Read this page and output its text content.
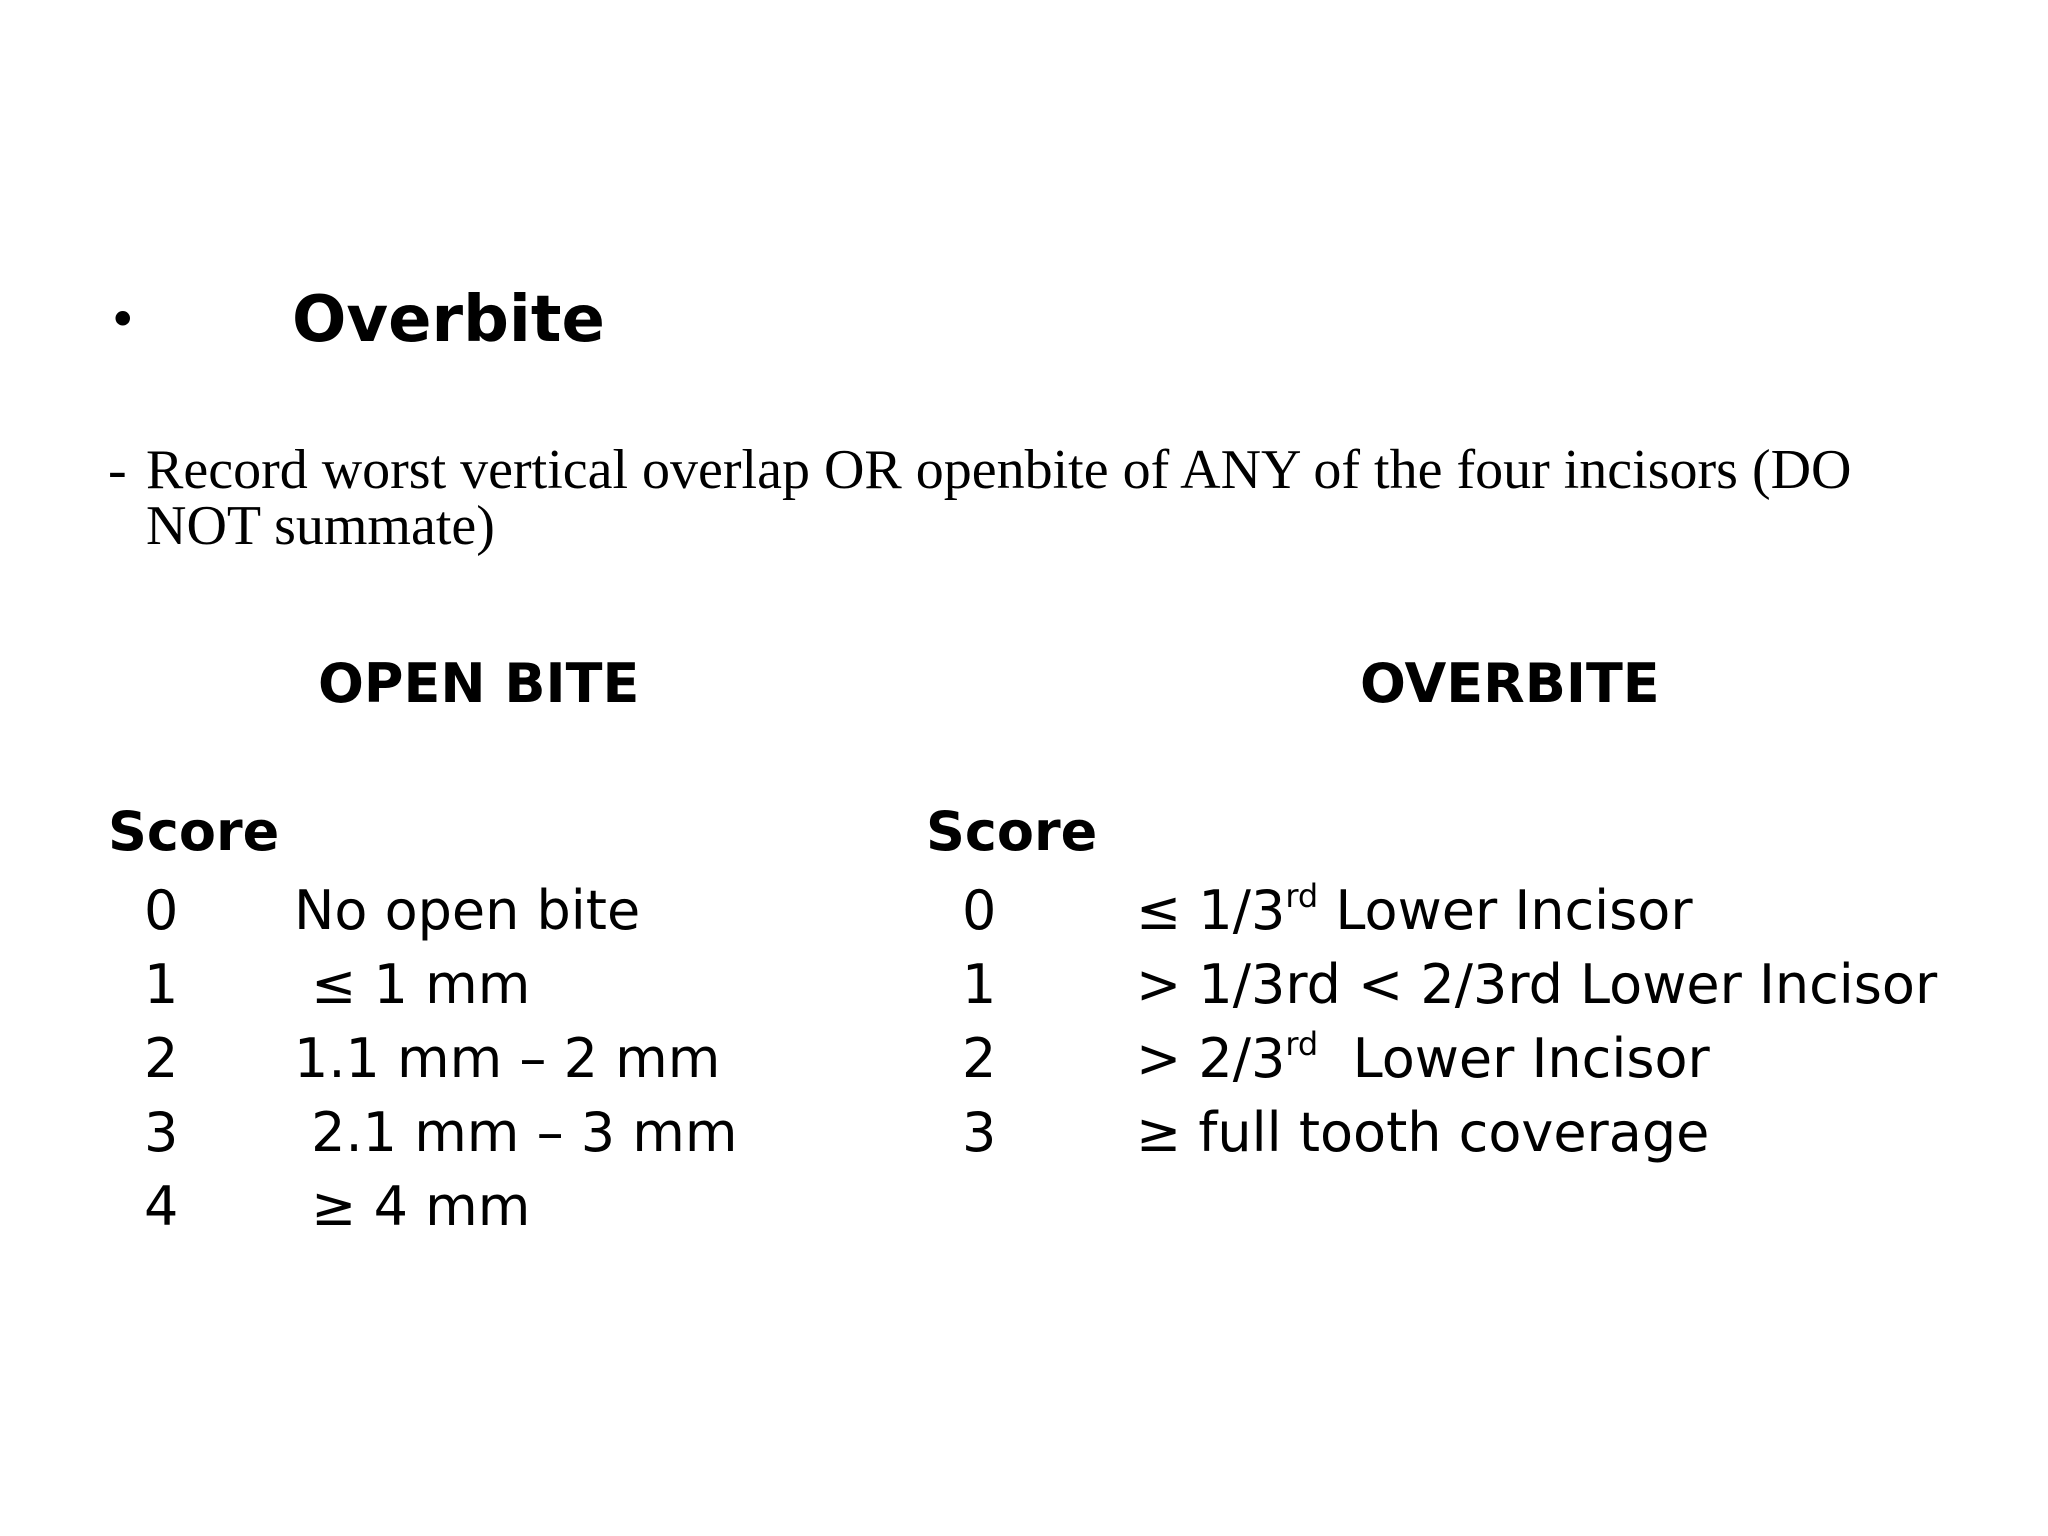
• Overbite
- Record worst vertical overlap OR openbite of ANY of the four incisors (DO NOT summate)
OPEN BITE	OVERBITE
Score	Score
0 No open bite
1 ≤ 1 mm
2 1.1 mm – 2 mm
3 2.1 mm – 3 mm
4 ≥ 4 mm
0	≤ 1/3rd Lower Incisor
1	> 1/3rd < 2/3rd Lower Incisor
2	> 2/3rd  Lower Incisor
3	≥ full tooth coverage
